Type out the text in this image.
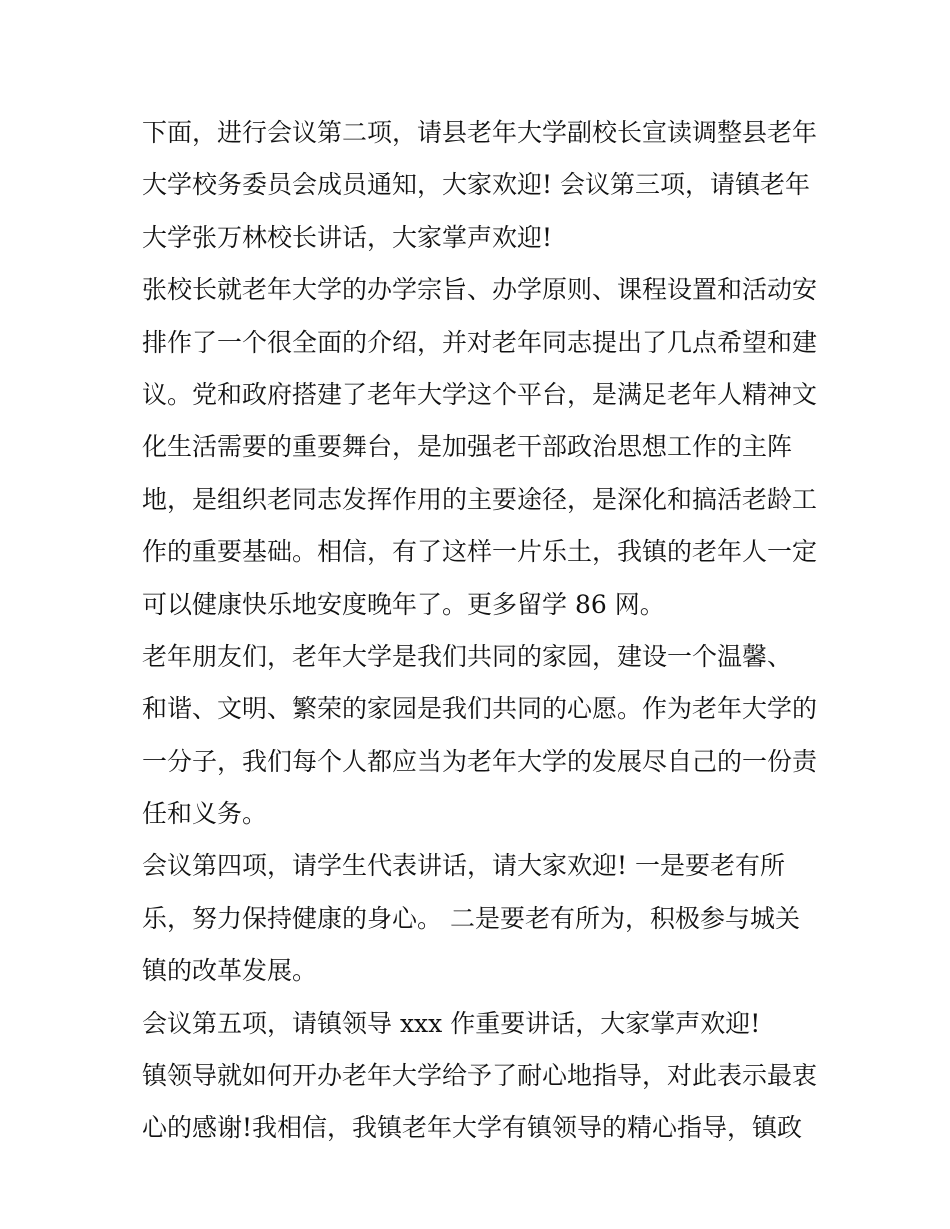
下面，进行会议第二项，请县老年大学副校长宣读调整县老年
大学校务委员会成员通知，大家欢迎! 会议第三项，请镇老年
大学张万林校长讲话，大家掌声欢迎!
张校长就老年大学的办学宗旨、办学原则、课程设置和活动安
排作了一个很全面的介绍，并对老年同志提出了几点希望和建
议。党和政府搭建了老年大学这个平台，是满足老年人精神文
化生活需要的重要舞台，是加强老干部政治思想工作的主阵
地，是组织老同志发挥作用的主要途径，是深化和搞活老龄工
作的重要基础。相信，有了这样一片乐土，我镇的老年人一定
可以健康快乐地安度晚年了。更多留学 86 网。
老年朋友们，老年大学是我们共同的家园，建设一个温馨、
和谐、文明、繁荣的家园是我们共同的心愿。作为老年大学的
一分子，我们每个人都应当为老年大学的发展尽自己的一份责
任和义务。
会议第四项，请学生代表讲话，请大家欢迎! 一是要老有所
乐，努力保持健康的身心。 二是要老有所为，积极参与城关
镇的改革发展。
会议第五项，请镇领导 xxx 作重要讲话，大家掌声欢迎!
镇领导就如何开办老年大学给予了耐心地指导，对此表示最衷
心的感谢!我相信，我镇老年大学有镇领导的精心指导，镇政
